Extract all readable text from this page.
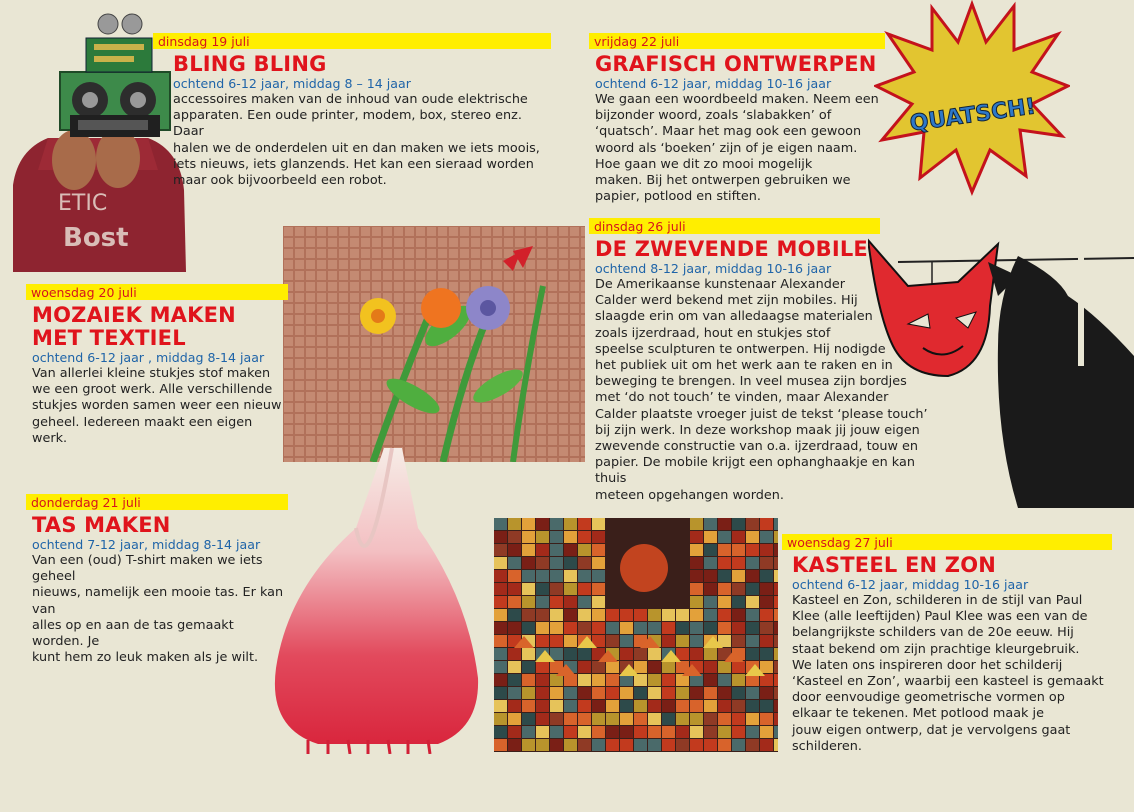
ETIC
Bost
QUATSCH!
dinsdag 19 juli
BLING BLING
ochtend 6-12 jaar, middag 8 – 14 jaar
accessoires maken van de inhoud van oude elektrische
apparaten. Een oude printer, modem, box, stereo enz. Daar
halen we de onderdelen uit en dan maken we iets moois,
iets nieuws, iets glanzends. Het kan een sieraad worden
maar ook bijvoorbeeld een robot.
vrijdag 22 juli
GRAFISCH ONTWERPEN
ochtend 6-12 jaar, middag 10-16 jaar
We gaan een woordbeeld maken. Neem een
bijzonder woord, zoals ‘slabakken’ of
‘quatsch’. Maar het mag ook een gewoon
woord als ‘boeken’ zijn of je eigen naam.
Hoe gaan we dit zo mooi mogelijk
maken. Bij het ontwerpen gebruiken we
papier, potlood en stiften.
woensdag 20 juli
MOZAIEK MAKEN
MET TEXTIEL
ochtend 6-12 jaar , middag 8-14 jaar
Van allerlei kleine stukjes stof maken
we een groot werk. Alle verschillende
stukjes worden samen weer een nieuw
geheel. Iedereen maakt een eigen werk.
dinsdag 26 juli
DE ZWEVENDE MOBILE
ochtend 8-12 jaar, middag 10-16 jaar
De Amerikaanse kunstenaar Alexander
Calder werd bekend met zijn mobiles. Hij
slaagde erin om van alledaagse materialen
zoals ijzerdraad, hout en stukjes stof
speelse sculpturen te ontwerpen. Hij nodigde
het publiek uit om het werk aan te raken en in
beweging te brengen. In veel musea zijn bordjes
met ‘do not touch’ te vinden, maar Alexander
Calder plaatste vroeger juist de tekst ‘please touch’
bij zijn werk. In deze workshop maak jij jouw eigen
zwevende constructie van o.a. ijzerdraad, touw en
papier. De mobile krijgt een ophanghaakje en kan thuis
meteen opgehangen worden.
donderdag 21 juli
TAS MAKEN
ochtend 7-12 jaar, middag 8-14 jaar
Van een (oud) T-shirt maken we iets geheel
nieuws, namelijk een mooie tas. Er kan van
alles op en aan de tas gemaakt worden. Je
kunt hem zo leuk maken als je wilt.
woensdag 27 juli
KASTEEL EN ZON
ochtend 6-12 jaar, middag 10-16 jaar
Kasteel en Zon, schilderen in de stijl van Paul
Klee (alle leeftijden) Paul Klee was een van de
belangrijkste schilders van de 20e eeuw. Hij
staat bekend om zijn prachtige kleurgebruik.
We laten ons inspireren door het schilderij
‘Kasteel en Zon’, waarbij een kasteel is gemaakt
door eenvoudige geometrische vormen op
elkaar te tekenen. Met potlood maak je
jouw eigen ontwerp, dat je vervolgens gaat
schilderen.
